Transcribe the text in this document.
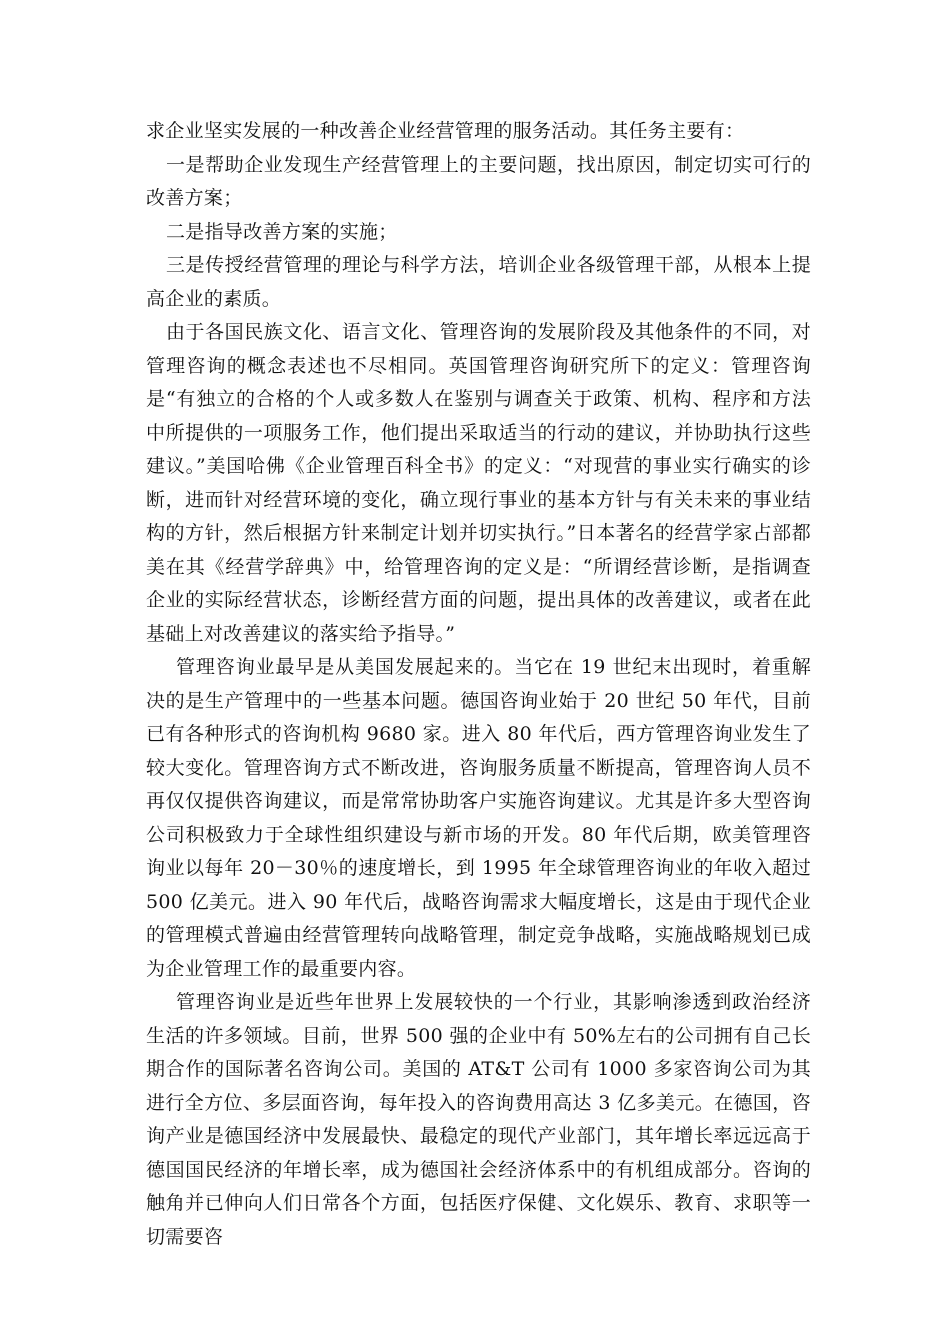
求企业坚实发展的一种改善企业经营管理的服务活动。其任务主要有：

一是帮助企业发现生产经营管理上的主要问题，找出原因，制定切实可行的改善方案；

二是指导改善方案的实施；

三是传授经营管理的理论与科学方法，培训企业各级管理干部，从根本上提高企业的素质。

由于各国民族文化、语言文化、管理咨询的发展阶段及其他条件的不同，对管理咨询的概念表述也不尽相同。英国管理咨询研究所下的定义：管理咨询是“有独立的合格的个人或多数人在鉴别与调查关于政策、机构、程序和方法中所提供的一项服务工作，他们提出采取适当的行动的建议，并协助执行这些建议。”美国哈佛《企业管理百科全书》的定义：“对现营的事业实行确实的诊断，进而针对经营环境的变化，确立现行事业的基本方针与有关未来的事业结构的方针，然后根据方针来制定计划并切实执行。”日本著名的经营学家占部都美在其《经营学辞典》中，给管理咨询的定义是：“所谓经营诊断，是指调查企业的实际经营状态，诊断经营方面的问题，提出具体的改善建议，或者在此基础上对改善建议的落实给予指导。”

管理咨询业最早是从美国发展起来的。当它在 19 世纪末出现时，着重解决的是生产管理中的一些基本问题。德国咨询业始于 20 世纪 50 年代，目前已有各种形式的咨询机构 9680 家。进入 80 年代后，西方管理咨询业发生了较大变化。管理咨询方式不断改进，咨询服务质量不断提高，管理咨询人员不再仅仅提供咨询建议，而是常常协助客户实施咨询建议。尤其是许多大型咨询公司积极致力于全球性组织建设与新市场的开发。80 年代后期，欧美管理咨询业以每年 20－30％的速度增长，到 1995 年全球管理咨询业的年收入超过 500 亿美元。进入 90 年代后，战略咨询需求大幅度增长，这是由于现代企业的管理模式普遍由经营管理转向战略管理，制定竞争战略，实施战略规划已成为企业管理工作的最重要内容。

管理咨询业是近些年世界上发展较快的一个行业，其影响渗透到政治经济生活的许多领域。目前，世界 500 强的企业中有 50%左右的公司拥有自己长期合作的国际著名咨询公司。美国的 AT&T 公司有 1000 多家咨询公司为其进行全方位、多层面咨询，每年投入的咨询费用高达 3 亿多美元。在德国，咨询产业是德国经济中发展最快、最稳定的现代产业部门，其年增长率远远高于德国国民经济的年增长率，成为德国社会经济体系中的有机组成部分。咨询的触角并已伸向人们日常各个方面，包括医疗保健、文化娱乐、教育、求职等一切需要咨
